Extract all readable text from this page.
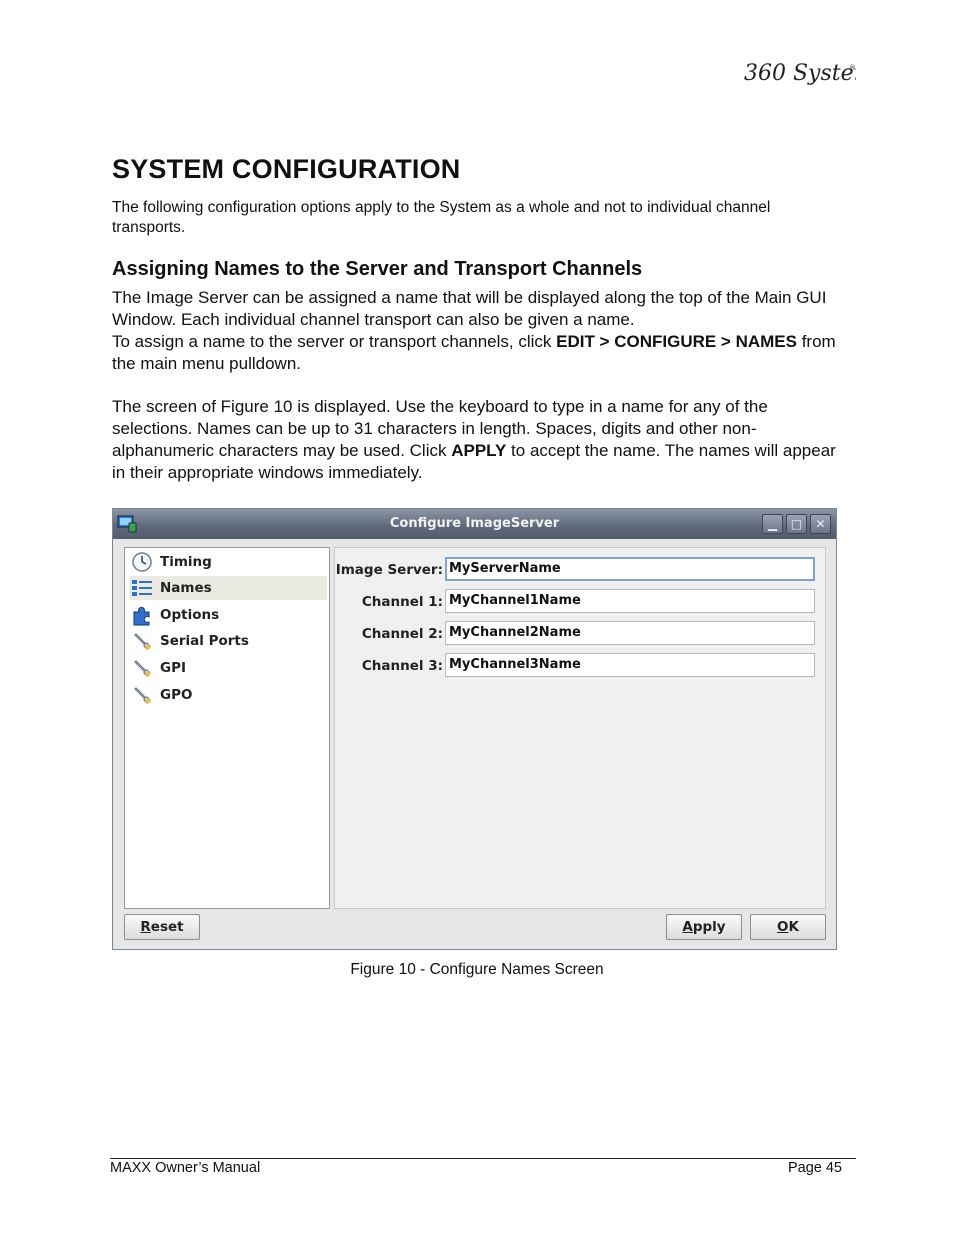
360 Syste
®
SYSTEM CONFIGURATION

The following configuration options apply to the System as a whole and not to individual channel transports.

Assigning Names to the Server and Transport Channels

The Image Server can be assigned a name that will be displayed along the top of the Main GUI Window. Each individual channel transport can also be given a name.
To assign a name to the server or transport channels, click EDIT > CONFIGURE > NAMES from the main menu pulldown.

The screen of Figure 10 is displayed. Use the keyboard to type in a name for any of the selections. Names can be up to 31 characters in length. Spaces, digits and other non-alphanumeric characters may be used. Click APPLY to accept the name. The names will appear in their appropriate windows immediately.

Configure ImageServer	▁	□	✕
Timing
Names
Options
Serial Ports
GPI
GPO
Image Server: MyServerName
Channel 1: MyChannel1Name
Channel 2: MyChannel2Name
Channel 3: MyChannel3Name
Reset	Apply	OK

Figure 10 - Configure Names Screen

MAXX Owner’s Manual	Page 45
